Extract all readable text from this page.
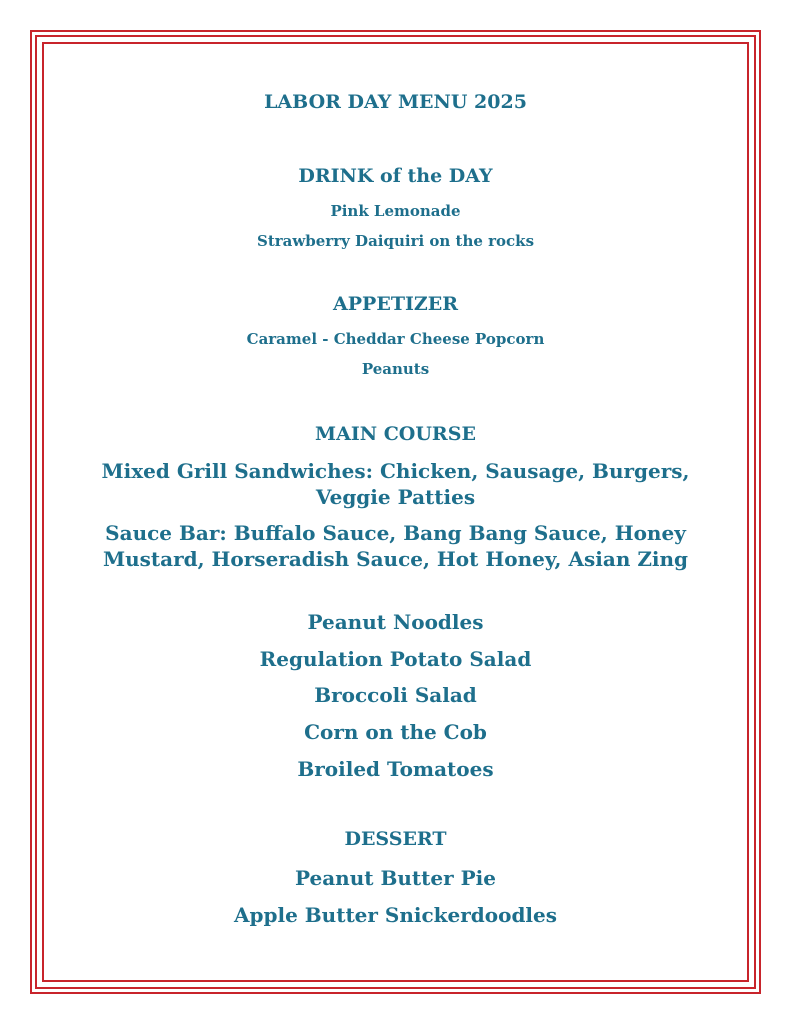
LABOR DAY MENU 2025
DRINK of the DAY
Pink Lemonade
Strawberry Daiquiri on the rocks
APPETIZER
Caramel - Cheddar Cheese Popcorn
Peanuts
MAIN COURSE
Mixed Grill Sandwiches: Chicken, Sausage, Burgers, Veggie Patties
Sauce Bar: Buffalo Sauce, Bang Bang Sauce, Honey Mustard, Horseradish Sauce, Hot Honey, Asian Zing
Peanut Noodles
Regulation Potato Salad
Broccoli Salad
Corn on the Cob
Broiled Tomatoes
DESSERT
Peanut Butter Pie
Apple Butter Snickerdoodles
